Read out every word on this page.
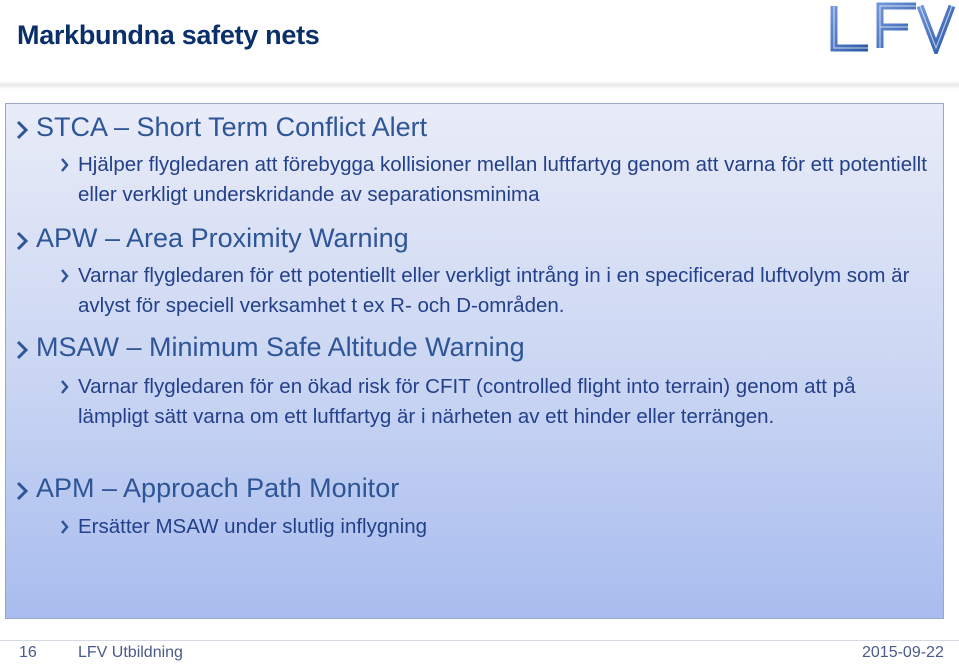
Markbundna safety nets
STCA – Short Term Conflict Alert
Hjälper flygledaren att förebygga kollisioner mellan luftfartyg genom att varna för ett potentiellt eller verkligt underskridande av separationsminima
APW – Area Proximity Warning
Varnar flygledaren för ett potentiellt eller verkligt intrång in i en specificerad luftvolym som är avlyst för speciell verksamhet t ex R- och D-områden.
MSAW – Minimum Safe Altitude Warning
Varnar flygledaren för en ökad risk för CFIT (controlled flight into terrain) genom att på lämpligt sätt varna om ett luftfartyg är i närheten av ett hinder eller terrängen.
APM – Approach Path Monitor
Ersätter MSAW under slutlig inflygning
16	LFV Utbildning	2015-09-22
